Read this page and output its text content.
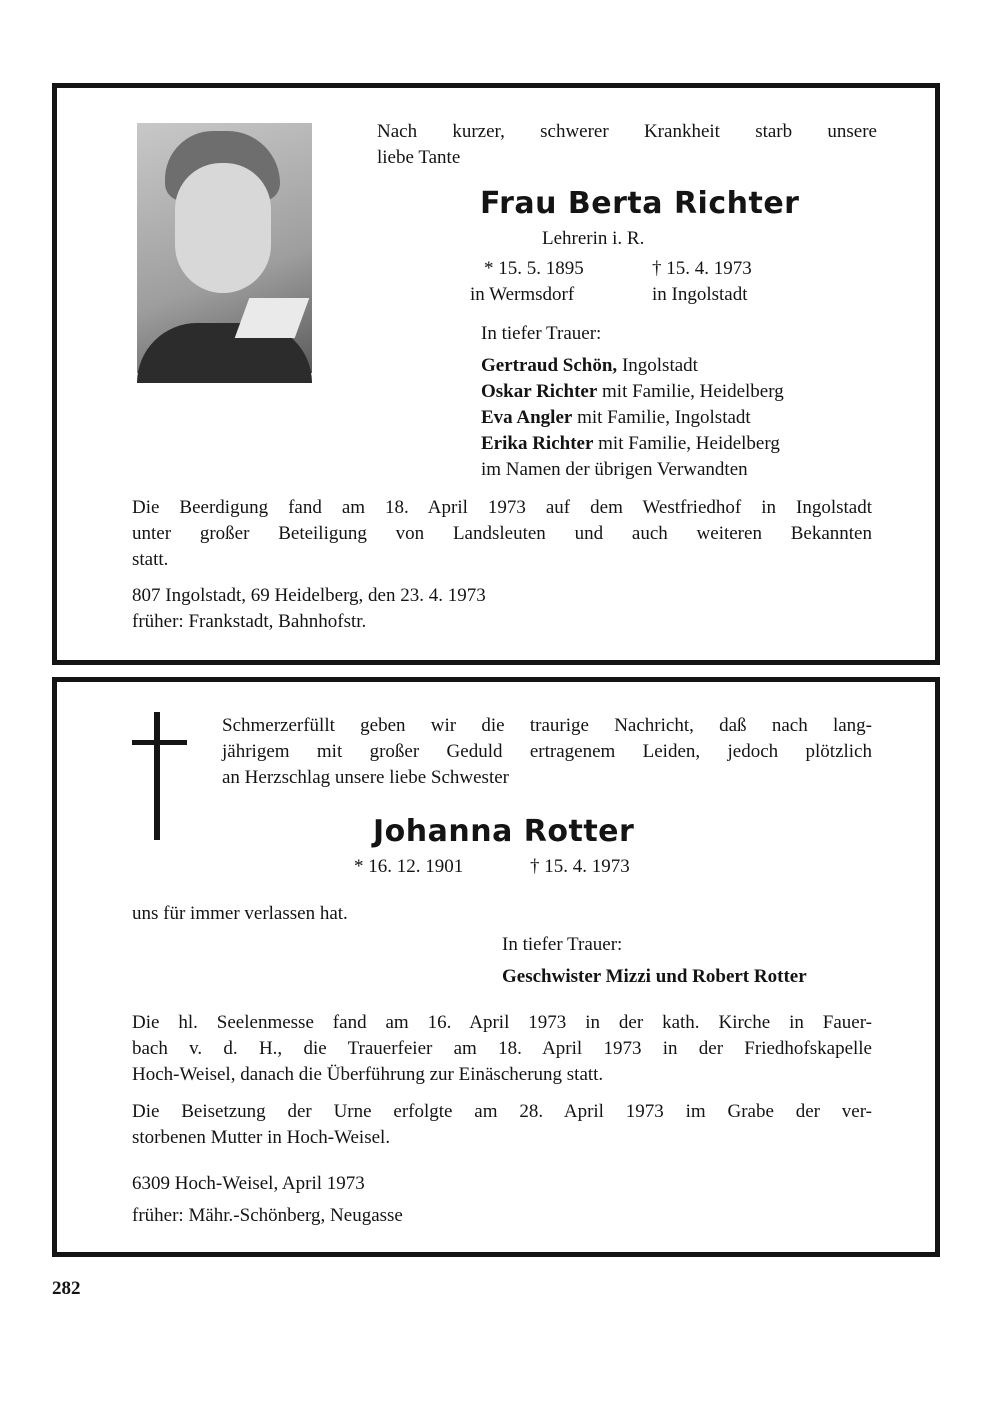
Nach kurzer, schwerer Krankheit starb unsere

liebe Tante

Frau Berta Richter

Lehrerin i. R.

* 15. 5. 1895	† 15. 4. 1973

in Wermsdorf	in Ingolstadt

In tiefer Trauer:

Gertraud Schön, Ingolstadt

Oskar Richter mit Familie, Heidelberg

Eva Angler mit Familie, Ingolstadt

Erika Richter mit Familie, Heidelberg

im Namen der übrigen Verwandten

Die Beerdigung fand am 18. April 1973 auf dem Westfriedhof in Ingolstadt

unter großer Beteiligung von Landsleuten und auch weiteren Bekannten

statt.

807 Ingolstadt, 69 Heidelberg, den 23. 4. 1973

früher: Frankstadt, Bahnhofstr.

Schmerzerfüllt geben wir die traurige Nachricht, daß nach lang-

jährigem mit großer Geduld ertragenem Leiden, jedoch plötzlich

an Herzschlag unsere liebe Schwester

Johanna Rotter

* 16. 12. 1901	† 15. 4. 1973

uns für immer verlassen hat.

In tiefer Trauer:

Geschwister Mizzi und Robert Rotter

Die hl. Seelenmesse fand am 16. April 1973 in der kath. Kirche in Fauer-

bach v. d. H., die Trauerfeier am 18. April 1973 in der Friedhofskapelle

Hoch-Weisel, danach die Überführung zur Einäscherung statt.

Die Beisetzung der Urne erfolgte am 28. April 1973 im Grabe der ver-

storbenen Mutter in Hoch-Weisel.

6309 Hoch-Weisel, April 1973

früher: Mähr.-Schönberg, Neugasse

282
